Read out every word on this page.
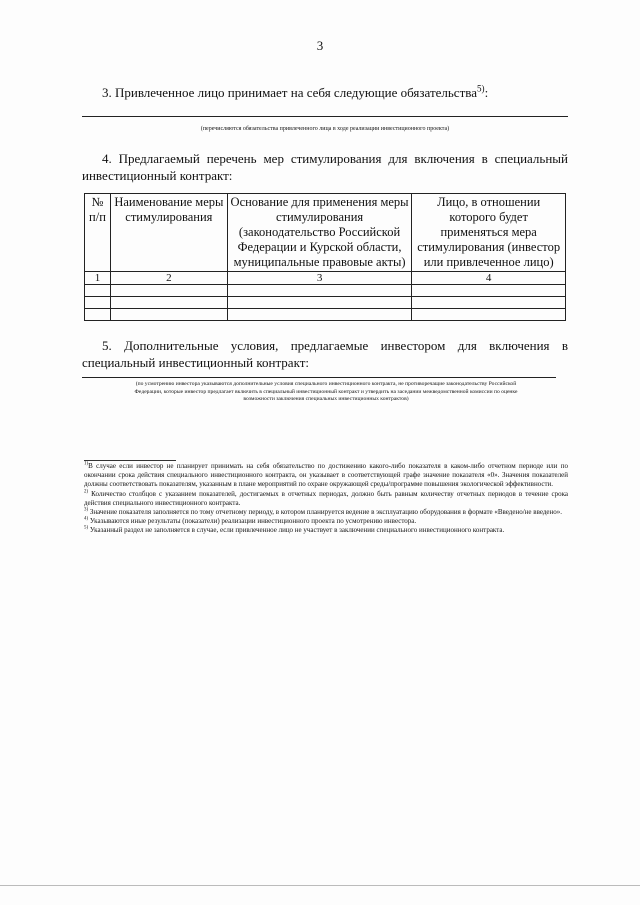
3
3. Привлеченное лицо принимает на себя следующие обязательства$^{5)}$:
(перечисляются обязательства привлеченного лица в ходе реализации инвестиционного проекта)
4. Предлагаемый перечень мер стимулирования для включения в специальный инвестиционный контракт:
№ п/п	Наименование меры стимулирования	Основание для применения меры стимулирования (законодательство Российской Федерации и Курской области, муниципальные правовые акты)	Лицо, в отношении которого будет применяться мера стимулирования (инвестор или привлеченное лицо)
1	2	3	4

5. Дополнительные условия, предлагаемые инвестором для включения в специальный инвестиционный контракт:
(по усмотрению инвестора указываются дополнительные условия специального инвестиционного контракта, не противоречащие законодательству Российской Федерации, которые инвестор предлагает включить в специальный инвестиционный контракт и утвердить на заседании межведомственной комиссии по оценке возможности заключения специальных инвестиционных контрактов)

$^{1)}$В случае если инвестор не планирует принимать на себя обязательство по достижению какого-либо показателя в каком-либо отчетном периоде или по окончании срока действия специального инвестиционного контракта, он указывает в соответствующей графе значение показателя «0». Значения показателей должны соответствовать показателям, указанным в плане мероприятий по охране окружающей среды/программе повышения экологической эффективности.

$^{2)}$ Количество столбцов с указанием показателей, достигаемых в отчетных периодах, должно быть равным количеству отчетных периодов в течение срока действия специального инвестиционного контракта.

$^{3)}$ Значение показателя заполняется по тому отчетному периоду, в котором планируется ведение в эксплуатацию оборудования в формате «Введено/не введено».

$^{4)}$ Указываются иные результаты (показатели) реализации инвестиционного проекта по усмотрению инвестора.

$^{5)}$ Указанный раздел не заполняется в случае, если привлеченное лицо не участвует в заключении специального инвестиционного контракта.
